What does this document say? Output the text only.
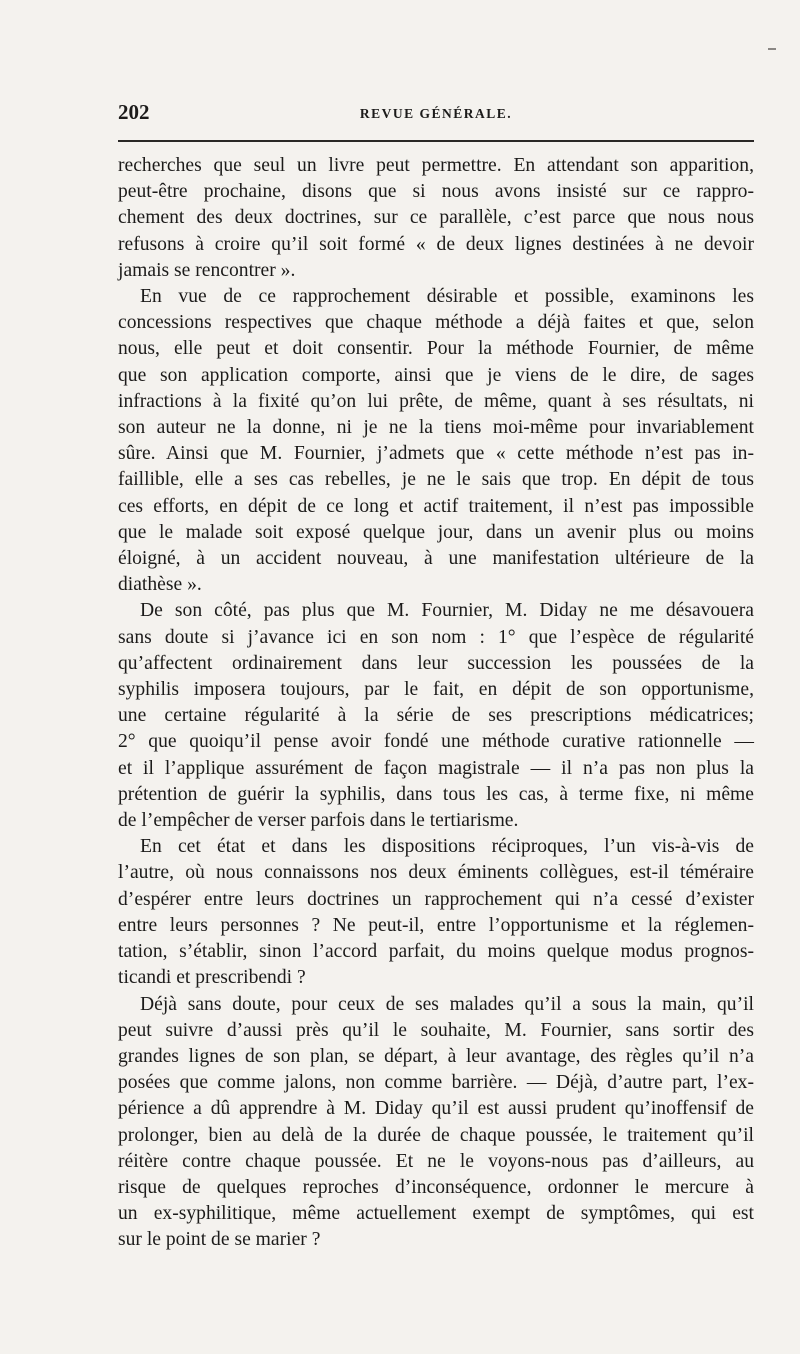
202	REVUE GÉNÉRALE.
recherches que seul un livre peut permettre. En attendant son apparition,
peut-être prochaine, disons que si nous avons insisté sur ce rappro-
chement des deux doctrines, sur ce parallèle, c’est parce que nous nous
refusons à croire qu’il soit formé « de deux lignes destinées à ne devoir
jamais se rencontrer ».
En vue de ce rapprochement désirable et possible, examinons les
concessions respectives que chaque méthode a déjà faites et que, selon
nous, elle peut et doit consentir. Pour la méthode Fournier, de même
que son application comporte, ainsi que je viens de le dire, de sages
infractions à la fixité qu’on lui prête, de même, quant à ses résultats, ni
son auteur ne la donne, ni je ne la tiens moi-même pour invariablement
sûre. Ainsi que M. Fournier, j’admets que « cette méthode n’est pas in-
faillible, elle a ses cas rebelles, je ne le sais que trop. En dépit de tous
ces efforts, en dépit de ce long et actif traitement, il n’est pas impossible
que le malade soit exposé quelque jour, dans un avenir plus ou moins
éloigné, à un accident nouveau, à une manifestation ultérieure de la
diathèse ».
De son côté, pas plus que M. Fournier, M. Diday ne me désavouera
sans doute si j’avance ici en son nom : 1° que l’espèce de régularité
qu’affectent ordinairement dans leur succession les poussées de la
syphilis imposera toujours, par le fait, en dépit de son opportunisme,
une certaine régularité à la série de ses prescriptions médicatrices;
2° que quoiqu’il pense avoir fondé une méthode curative rationnelle —
et il l’applique assurément de façon magistrale — il n’a pas non plus la
prétention de guérir la syphilis, dans tous les cas, à terme fixe, ni même
de l’empêcher de verser parfois dans le tertiarisme.
En cet état et dans les dispositions réciproques, l’un vis-à-vis de
l’autre, où nous connaissons nos deux éminents collègues, est-il téméraire
d’espérer entre leurs doctrines un rapprochement qui n’a cessé d’exister
entre leurs personnes ? Ne peut-il, entre l’opportunisme et la réglemen-
tation, s’établir, sinon l’accord parfait, du moins quelque modus prognos-
ticandi et prescribendi ?
Déjà sans doute, pour ceux de ses malades qu’il a sous la main, qu’il
peut suivre d’aussi près qu’il le souhaite, M. Fournier, sans sortir des
grandes lignes de son plan, se départ, à leur avantage, des règles qu’il n’a
posées que comme jalons, non comme barrière. — Déjà, d’autre part, l’ex-
périence a dû apprendre à M. Diday qu’il est aussi prudent qu’inoffensif de
prolonger, bien au delà de la durée de chaque poussée, le traitement qu’il
réitère contre chaque poussée. Et ne le voyons-nous pas d’ailleurs, au
risque de quelques reproches d’inconséquence, ordonner le mercure à
un ex-syphilitique, même actuellement exempt de symptômes, qui est
sur le point de se marier ?
